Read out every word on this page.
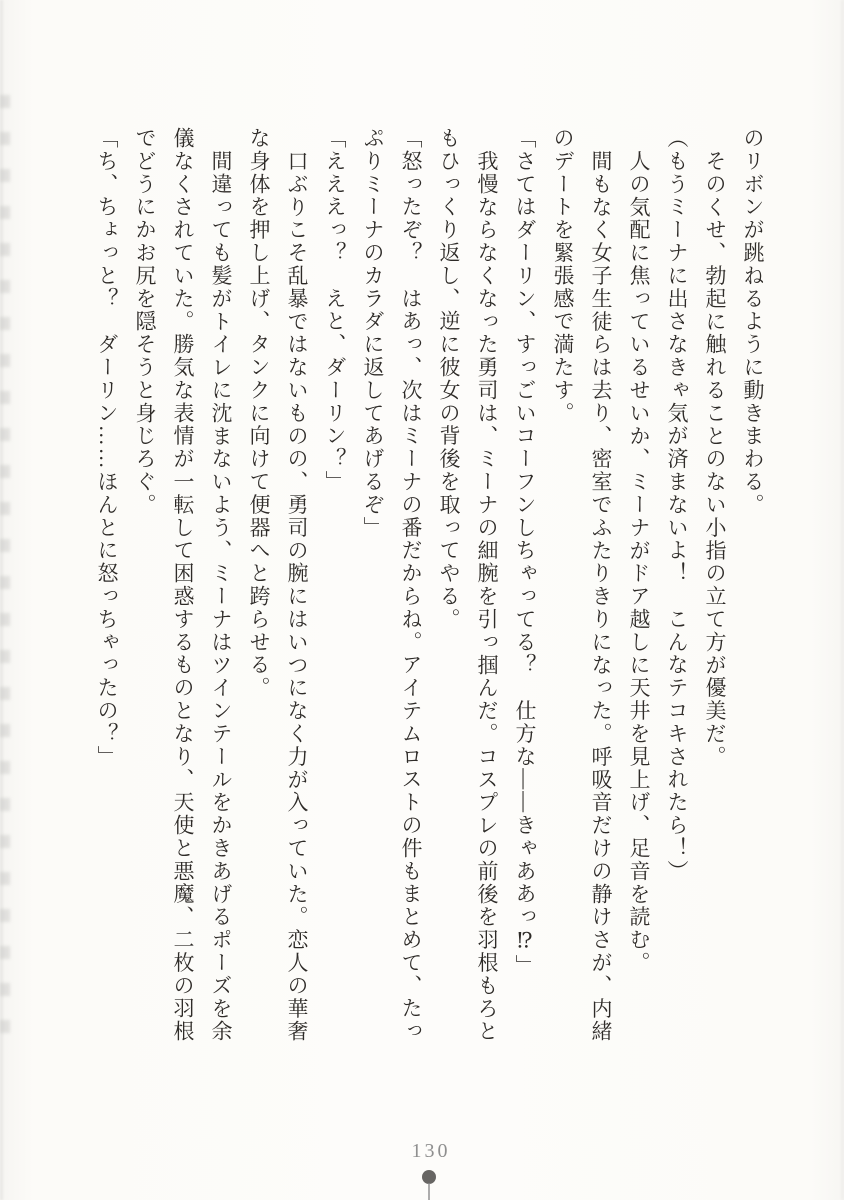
のリボンが跳ねるように動きまわる。

そのくせ、勃起に触れることのない小指の立て方が優美だ。

（もうミーナに出さなきゃ気が済まないよ！　こんなテコキされたら！）

人の気配に焦っているせいか、ミーナがドア越しに天井を見上げ、足音を読む。

間もなく女子生徒らは去り、密室でふたりきりになった。呼吸音だけの静けさが、内緒のデートを緊張感で満たす。

「さてはダーリン、すっごいコーフンしちゃってる？　仕方な――きゃああっ⁉」

我慢ならなくなった勇司は、ミーナの細腕を引っ掴んだ。コスプレの前後を羽根もろともひっくり返し、逆に彼女の背後を取ってやる。

「怒ったぞ？　はあっ、次はミーナの番だからね。アイテムロストの件もまとめて、たっぷりミーナのカラダに返してあげるぞ」

「えええっ？　えと、ダーリン？」

口ぶりこそ乱暴ではないものの、勇司の腕にはいつになく力が入っていた。恋人の華奢な身体を押し上げ、タンクに向けて便器へと跨らせる。

間違っても髪がトイレに沈まないよう、ミーナはツインテールをかきあげるポーズを余儀なくされていた。勝気な表情が一転して困惑するものとなり、天使と悪魔、二枚の羽根でどうにかお尻を隠そうと身じろぐ。

「ち、ちょっと？　ダーリン……ほんとに怒っちゃったの？」

130
